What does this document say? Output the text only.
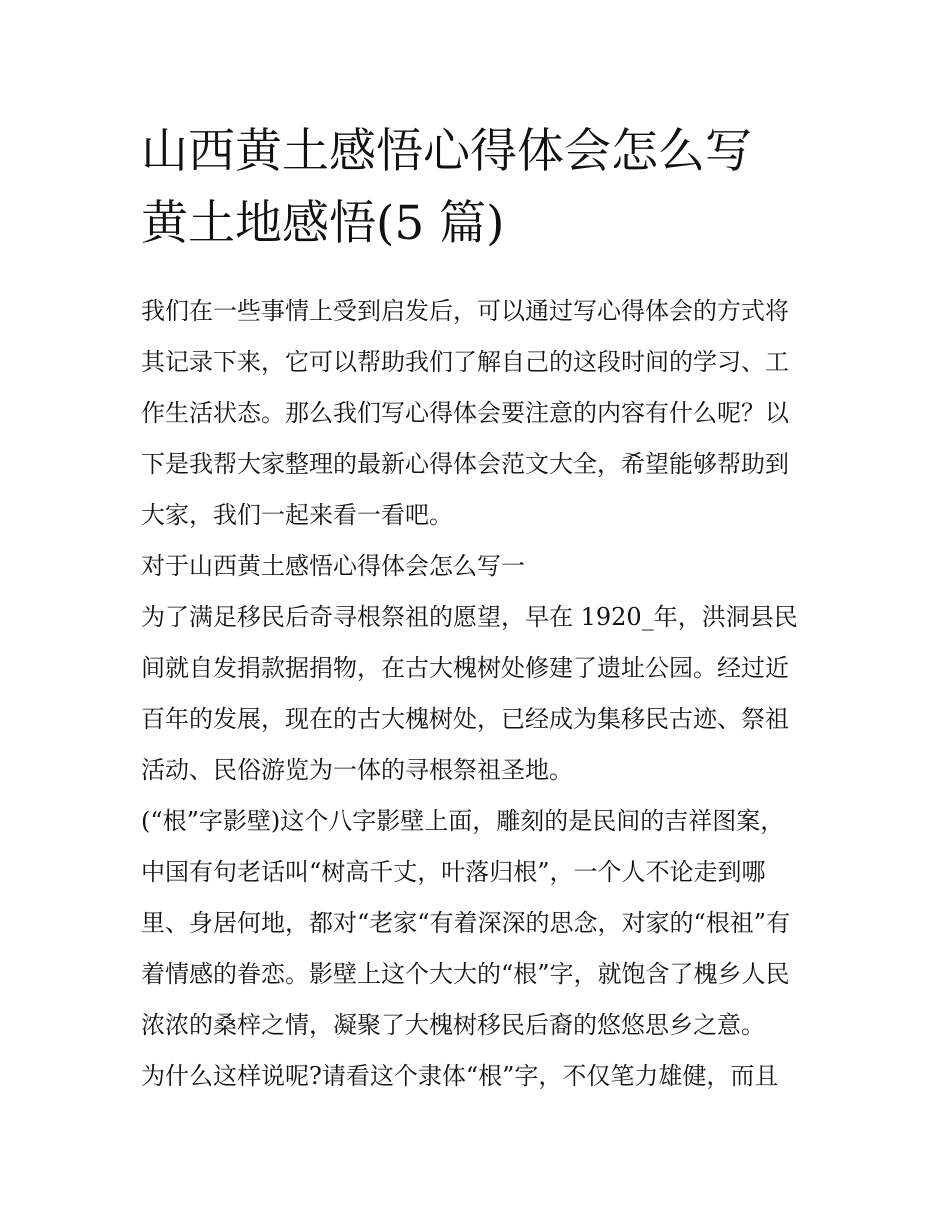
山西黄土感悟心得体会怎么写
黄土地感悟(5 篇)
我们在一些事情上受到启发后，可以通过写心得体会的方式将
其记录下来，它可以帮助我们了解自己的这段时间的学习、工
作生活状态。那么我们写心得体会要注意的内容有什么呢？以
下是我帮大家整理的最新心得体会范文大全，希望能够帮助到
大家，我们一起来看一看吧。
对于山西黄土感悟心得体会怎么写一
为了满足移民后奇寻根祭祖的愿望，早在 1920_年，洪洞县民
间就自发捐款据捐物，在古大槐树处修建了遗址公园。经过近
百年的发展，现在的古大槐树处，已经成为集移民古迹、祭祖
活动、民俗游览为一体的寻根祭祖圣地。
(“根”字影壁)这个八字影壁上面，雕刻的是民间的吉祥图案，
中国有句老话叫“树高千丈，叶落归根”，一个人不论走到哪
里、身居何地，都对“老家“有着深深的思念，对家的“根祖”有
着情感的眷恋。影壁上这个大大的“根”字，就饱含了槐乡人民
浓浓的桑梓之情，凝聚了大槐树移民后裔的悠悠思乡之意。
为什么这样说呢?请看这个隶体“根”字，不仅笔力雄健，而且
